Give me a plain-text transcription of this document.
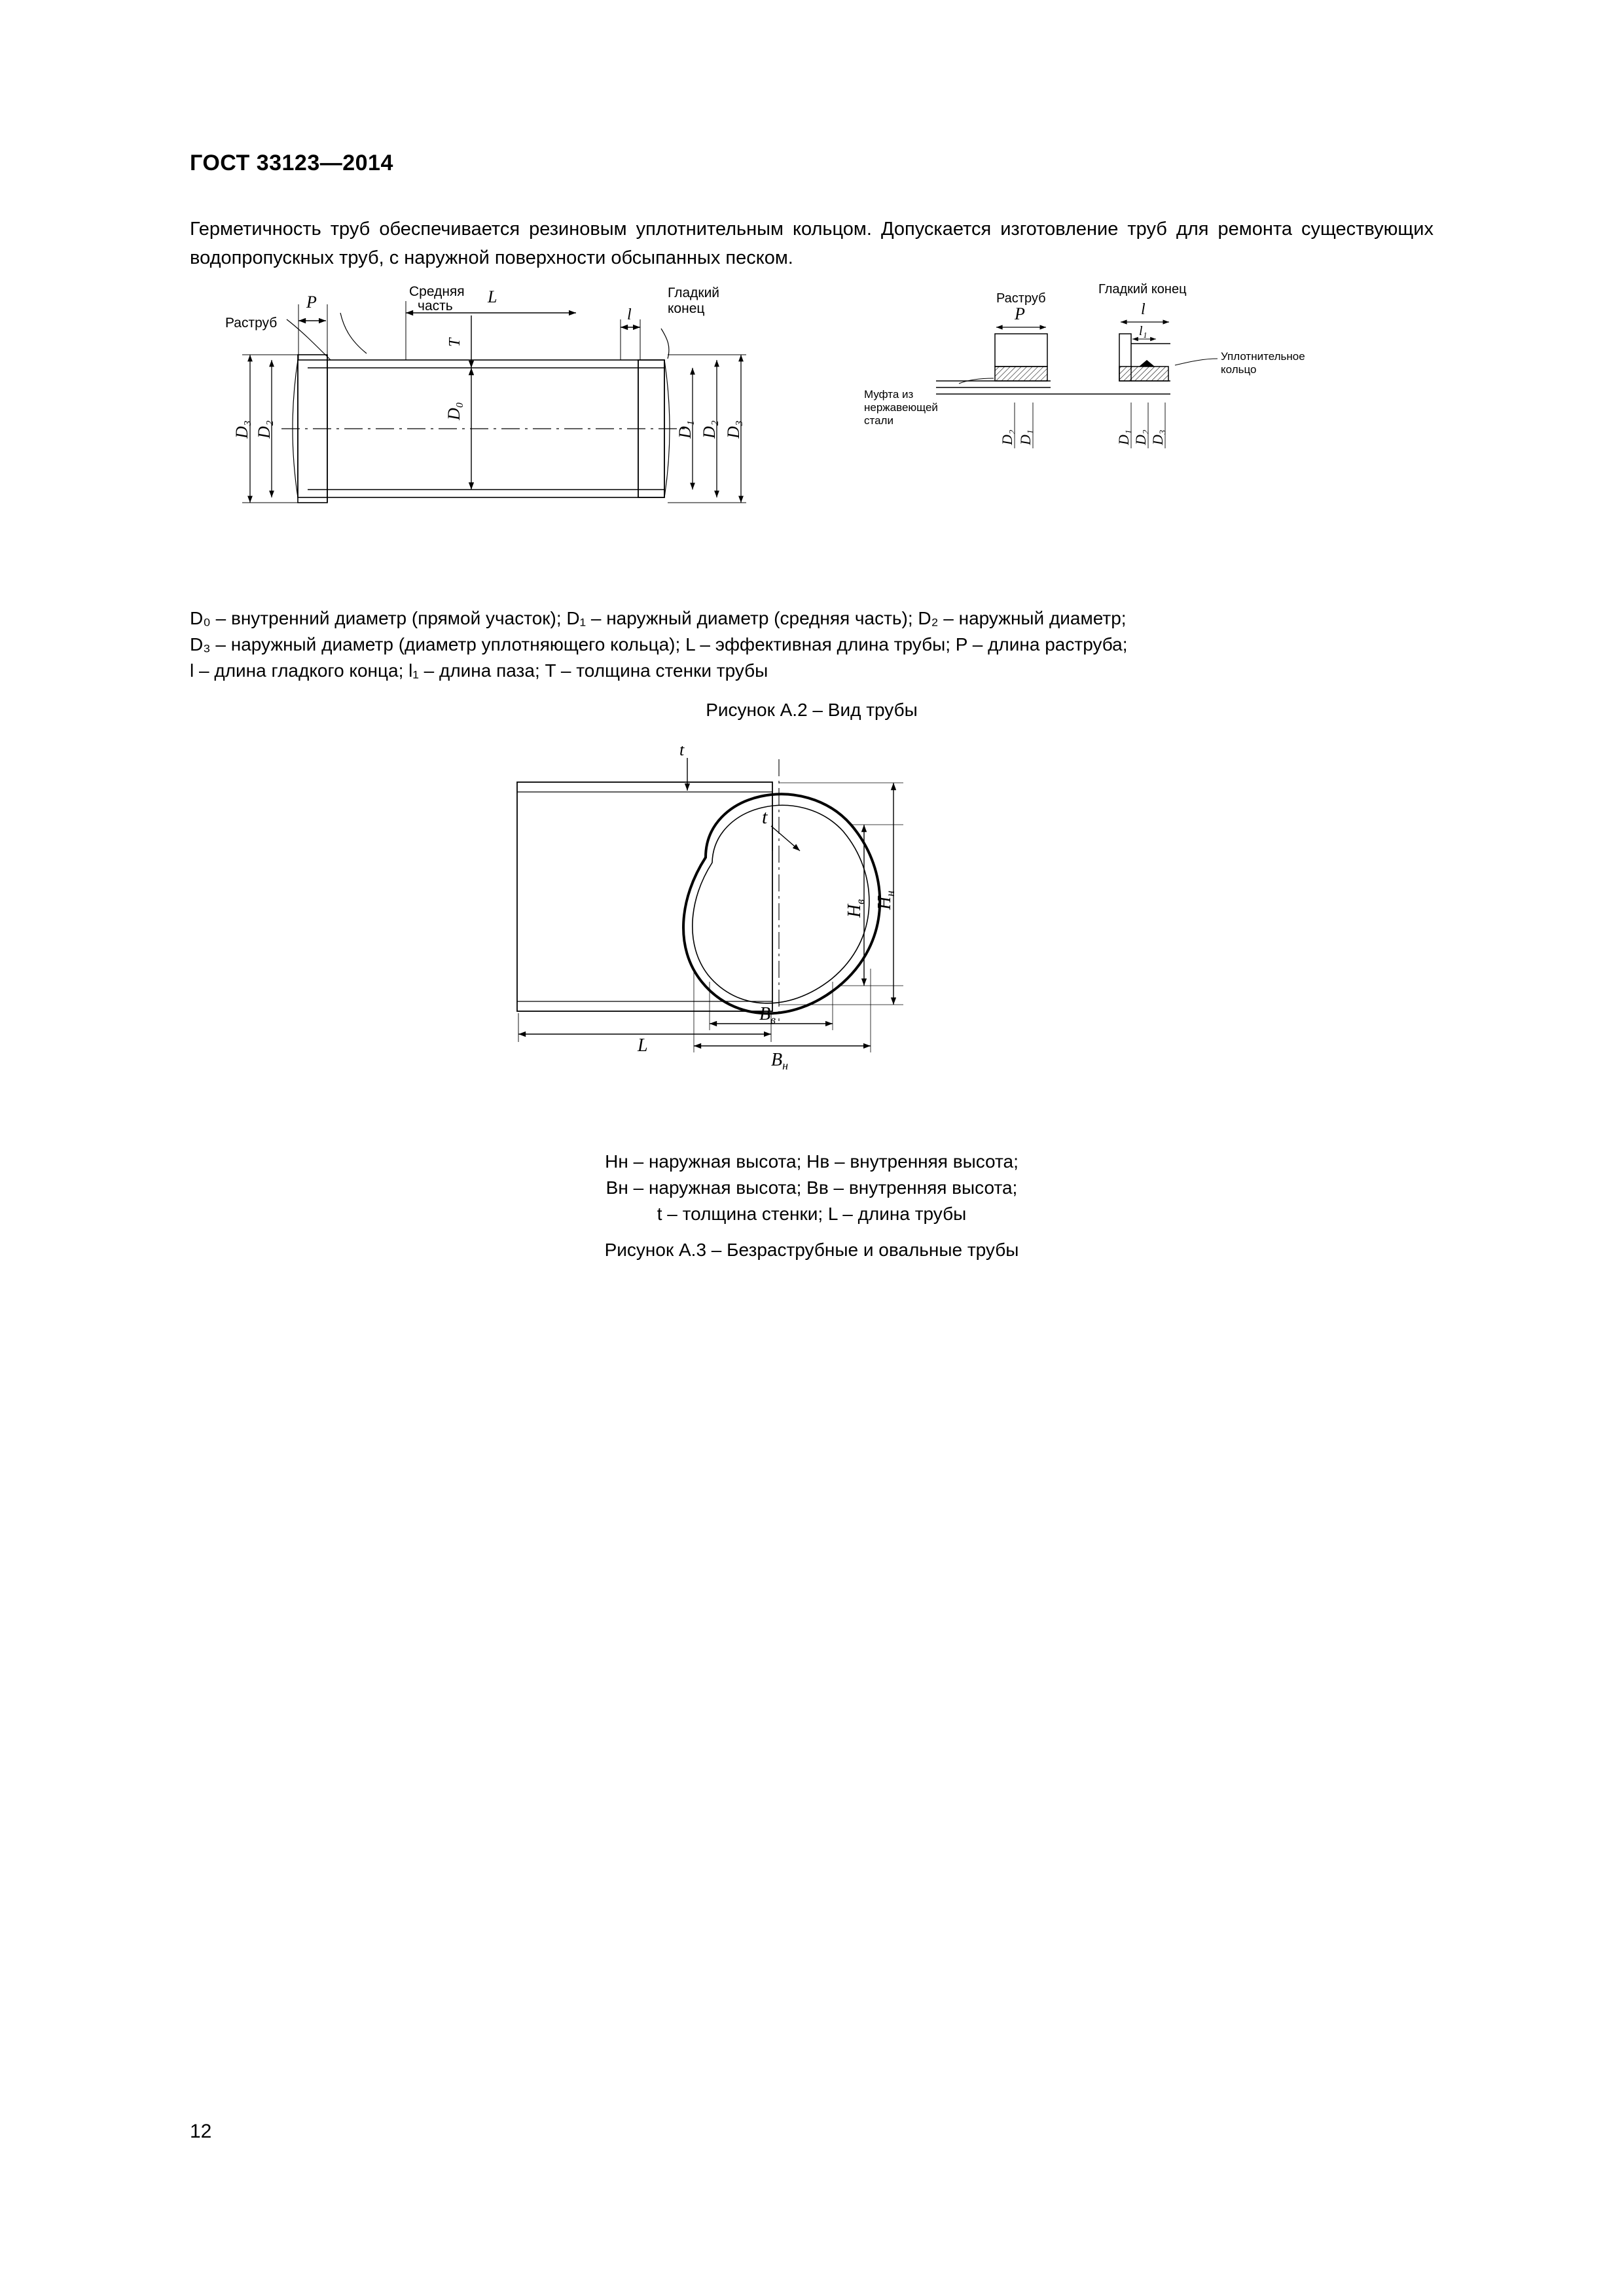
ГОСТ 33123—2014
Герметичность труб обеспечивается резиновым уплотнительным кольцом. Допускается изготовление труб для ремонта существующих водопропускных труб, с наружной поверхности обсыпанных песком.
Средняя
часть
Раструб
Гладкий
конец
P	L
T
l
D₀
D₃ D₂	D₁ D₂ D₃
Раструб
Гладкий конец
P	l
l₁
Муфта из
нержавеющей
стали
Уплотнительное
кольцо
D₂ D₁	D₁ D₂ D₃
D₀ – внутренний диаметр (прямой участок); D₁ – наружный диаметр (средняя часть); D₂ – наружный диаметр;
D₃ – наружный диаметр (диаметр уплотняющего кольца); L – эффективная длина трубы; P – длина раструба;
l – длина гладкого конца; l₁ – длина паза; T – толщина стенки трубы
Рисунок А.2 – Вид трубы
t
L
t
Hв Hн
Bв
Bн
Hн – наружная высота; Hв – внутренняя высота;
Bн – наружная высота; Bв – внутренняя высота;
t – толщина стенки; L – длина трубы
Рисунок А.3 – Безраструбные и овальные трубы
12
